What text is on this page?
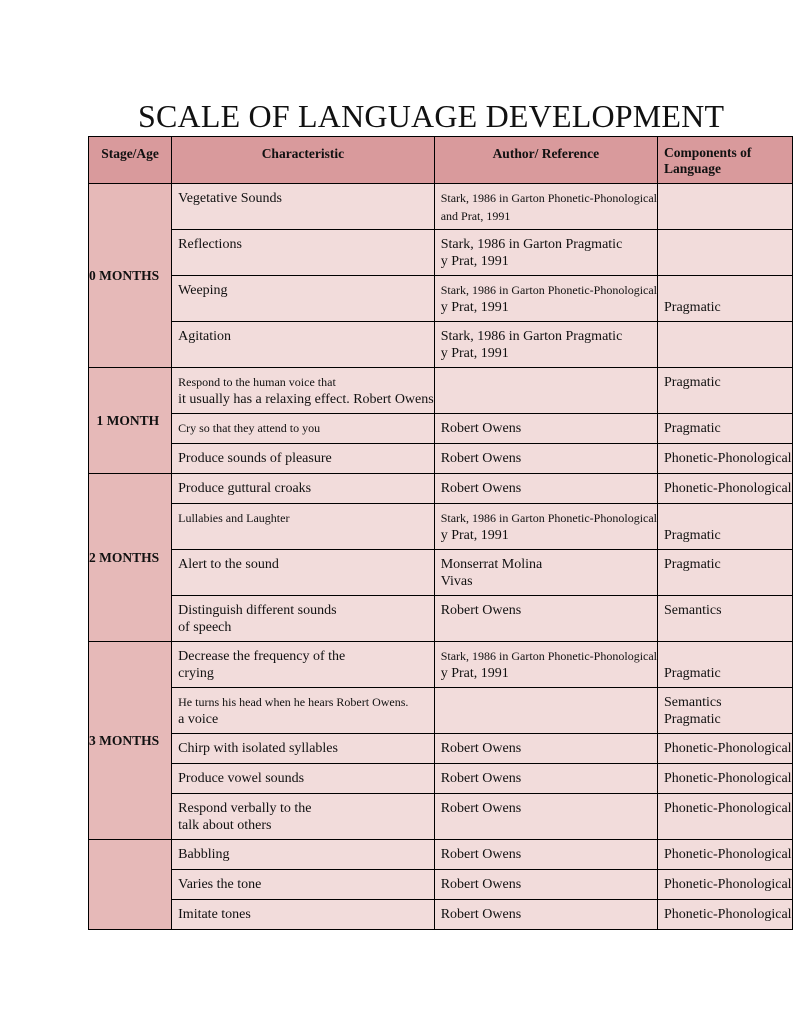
SCALE OF LANGUAGE DEVELOPMENT
Stage/Age	Characteristic	Author/ Reference	Components of Language

0 MONTHS	Vegetative Sounds	Stark, 1986 in Garton Phonetic-Phonological
and Prat, 1991	

	Reflections	Stark, 1986 in Garton Pragmatic
y Prat, 1991	

	Weeping	Stark, 1986 in Garton Phonetic-Phonological
y Prat, 1991	Pragmatic

	Agitation	Stark, 1986 in Garton Pragmatic
y Prat, 1991	

1 MONTH	Respond to the human voice that
it usually has a relaxing effect. Robert Owens		Pragmatic

	Cry so that they attend to you	Robert Owens	Pragmatic

	Produce sounds of pleasure	Robert Owens	Phonetic-Phonological

2 MONTHS	Produce guttural croaks	Robert Owens	Phonetic-Phonological

	Lullabies and Laughter	Stark, 1986 in Garton Phonetic-Phonological
y Prat, 1991	Pragmatic

	Alert to the sound	Monserrat Molina
Vivas	Pragmatic

	Distinguish different sounds
of speech	Robert Owens	Semantics

3 MONTHS	Decrease the frequency of the
crying	Stark, 1986 in Garton Phonetic-Phonological
y Prat, 1991	Pragmatic

	He turns his head when he hears Robert Owens.
a voice		Semantics
Pragmatic

	Chirp with isolated syllables	Robert Owens	Phonetic-Phonological

	Produce vowel sounds	Robert Owens	Phonetic-Phonological

	Respond verbally to the
talk about others	Robert Owens	Phonetic-Phonological

	Babbling	Robert Owens	Phonetic-Phonological

	Varies the tone	Robert Owens	Phonetic-Phonological

	Imitate tones	Robert Owens	Phonetic-Phonological
